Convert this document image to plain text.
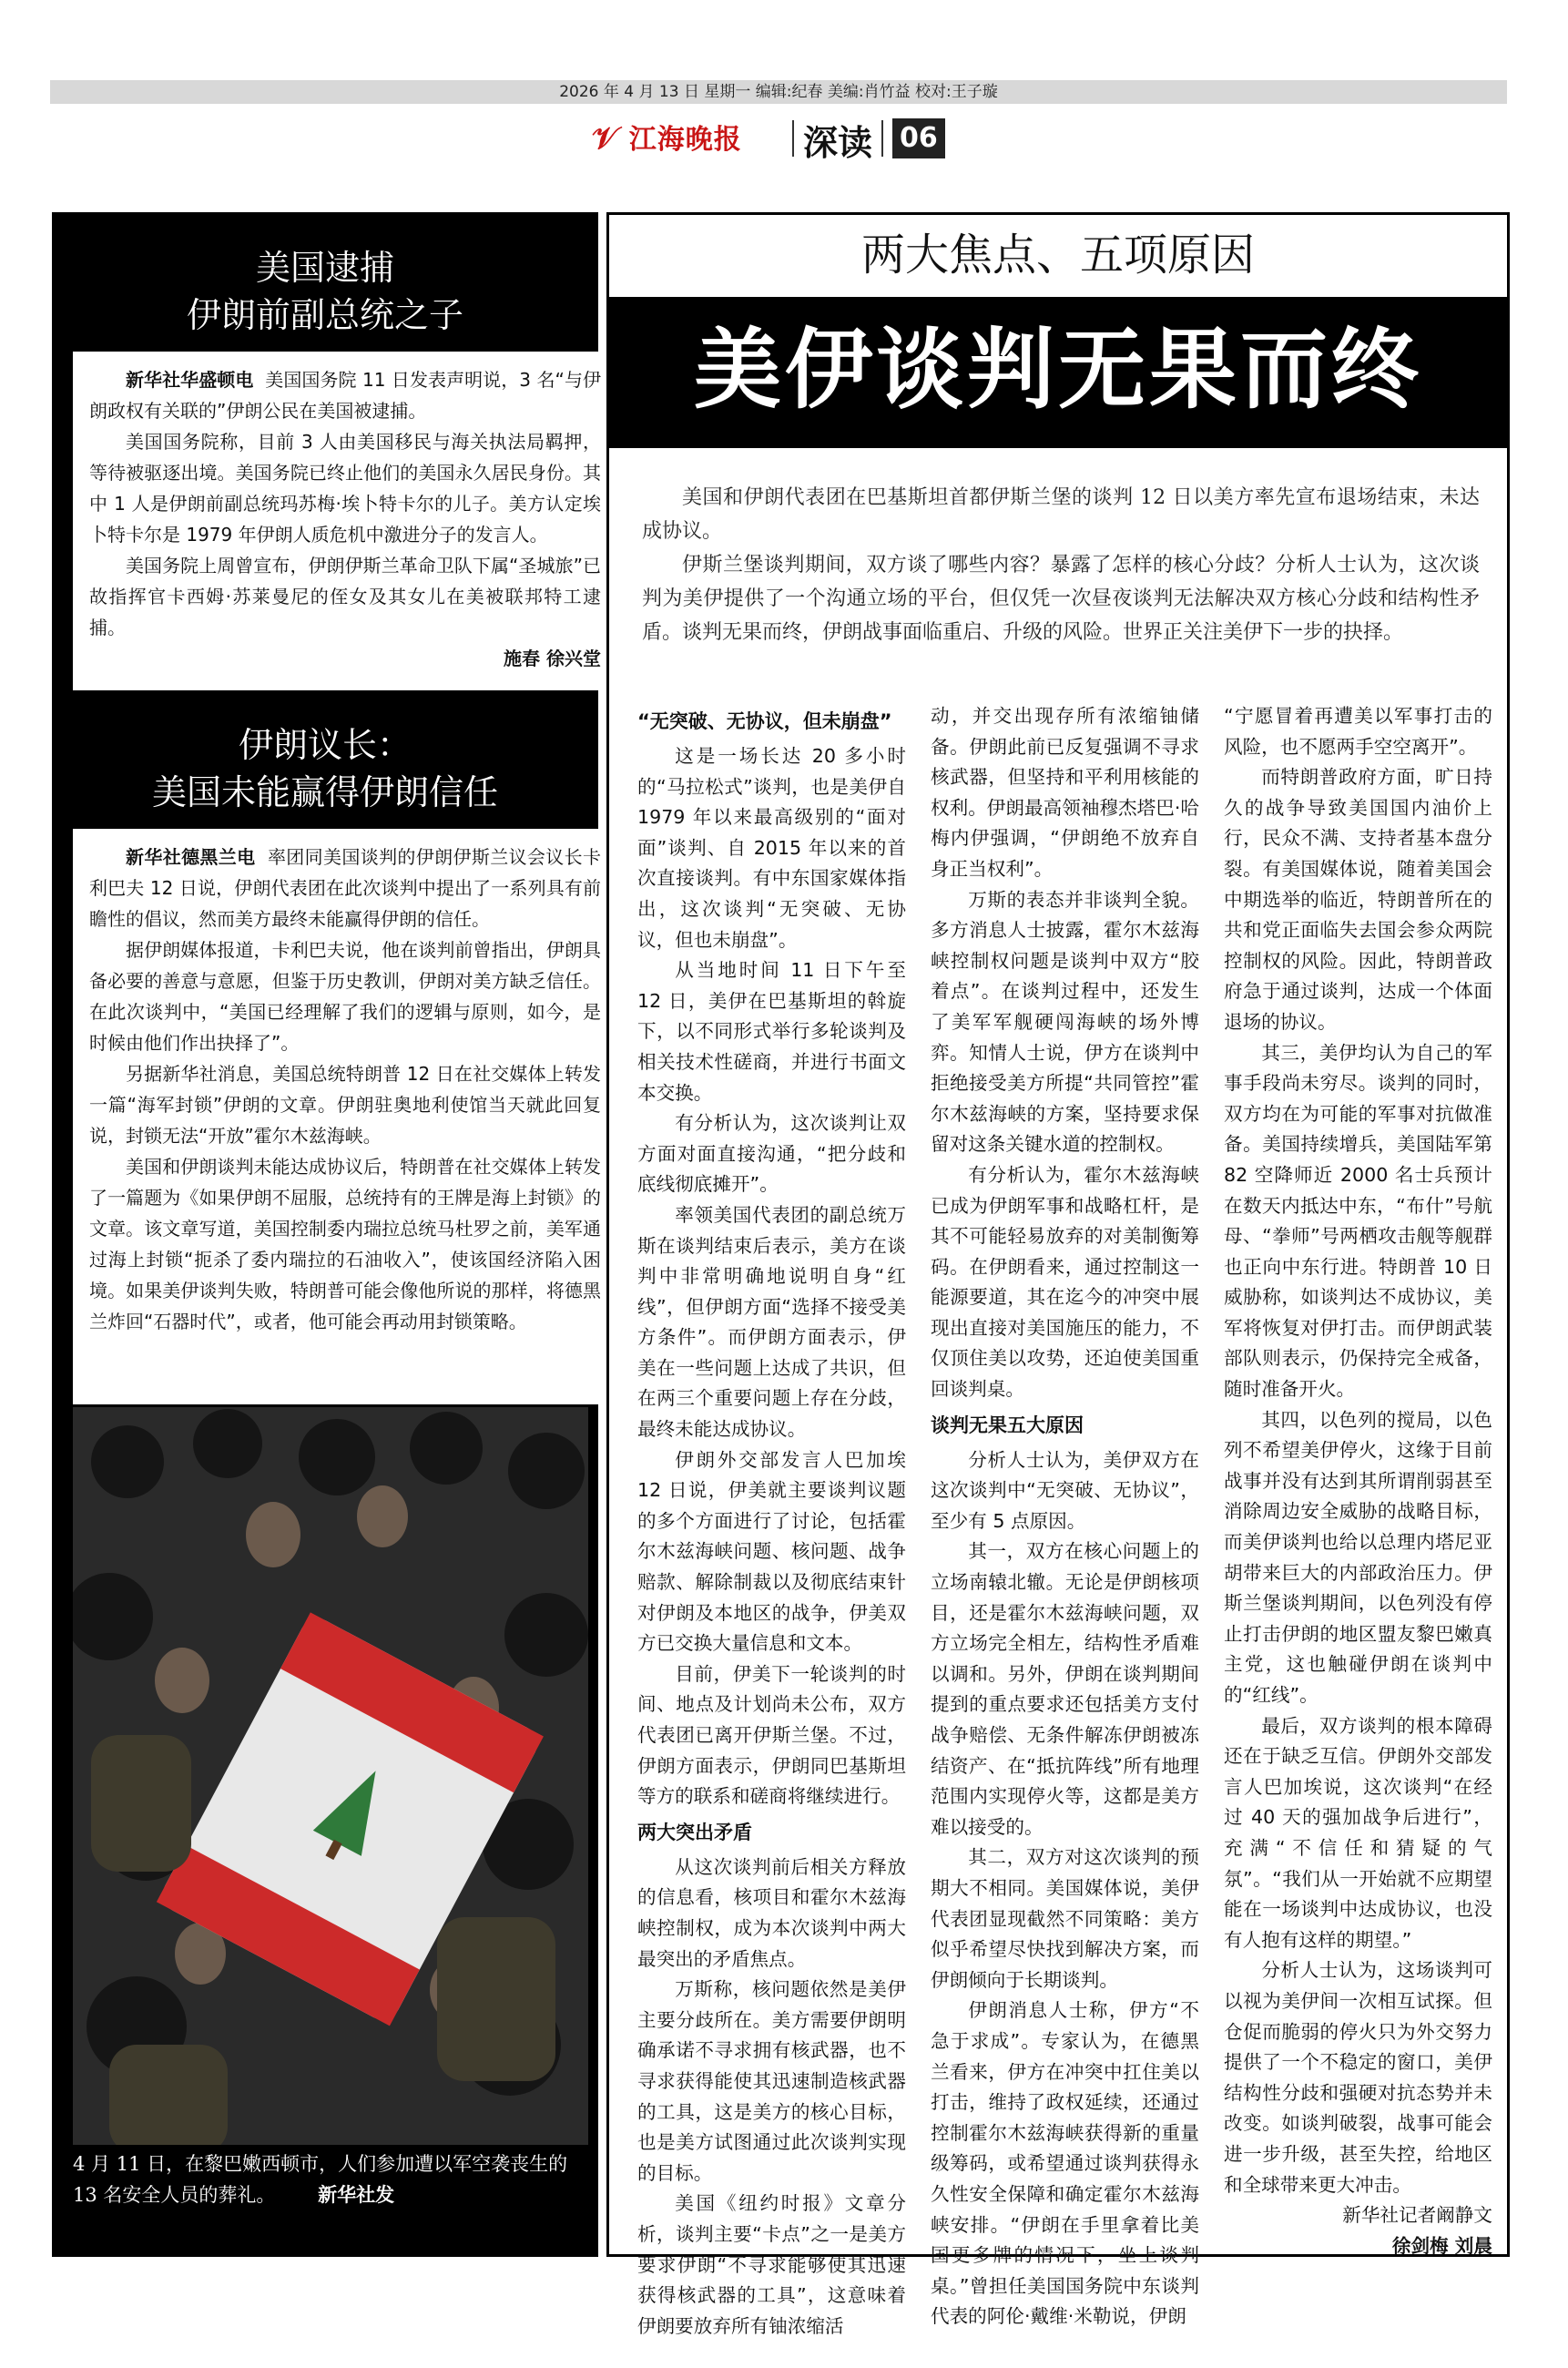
2026 年 4 月 13 日 星期一 编辑:纪春 美编:肖竹益 校对:王子璇
𝒱 江海晚报 深读 06
美国逮捕
伊朗前副总统之子

新华社华盛顿电 美国国务院 11 日发表声明说，3 名“与伊朗政权有关联的”伊朗公民在美国被逮捕。

美国国务院称，目前 3 人由美国移民与海关执法局羁押，等待被驱逐出境。美国务院已终止他们的美国永久居民身份。其中 1 人是伊朗前副总统玛苏梅·埃卜特卡尔的儿子。美方认定埃卜特卡尔是 1979 年伊朗人质危机中激进分子的发言人。

美国务院上周曾宣布，伊朗伊斯兰革命卫队下属“圣城旅”已故指挥官卡西姆·苏莱曼尼的侄女及其女儿在美被联邦特工逮捕。

施春 徐兴堂

伊朗议长：
美国未能赢得伊朗信任

新华社德黑兰电 率团同美国谈判的伊朗伊斯兰议会议长卡利巴夫 12 日说，伊朗代表团在此次谈判中提出了一系列具有前瞻性的倡议，然而美方最终未能赢得伊朗的信任。

据伊朗媒体报道，卡利巴夫说，他在谈判前曾指出，伊朗具备必要的善意与意愿，但鉴于历史教训，伊朗对美方缺乏信任。在此次谈判中，“美国已经理解了我们的逻辑与原则，如今，是时候由他们作出抉择了”。

另据新华社消息，美国总统特朗普 12 日在社交媒体上转发一篇“海军封锁”伊朗的文章。伊朗驻奥地利使馆当天就此回复说，封锁无法“开放”霍尔木兹海峡。

美国和伊朗谈判未能达成协议后，特朗普在社交媒体上转发了一篇题为《如果伊朗不屈服，总统持有的王牌是海上封锁》的文章。该文章写道，美国控制委内瑞拉总统马杜罗之前，美军通过海上封锁“扼杀了委内瑞拉的石油收入”，使该国经济陷入困境。如果美伊谈判失败，特朗普可能会像他所说的那样，将德黑兰炸回“石器时代”，或者，他可能会再动用封锁策略。

4 月 11 日，在黎巴嫩西顿市，人们参加遭以军空袭丧生的 13 名安全人员的葬礼。 新华社发
两大焦点、五项原因
美伊谈判无果而终

美国和伊朗代表团在巴基斯坦首都伊斯兰堡的谈判 12 日以美方率先宣布退场结束，未达成协议。

伊斯兰堡谈判期间，双方谈了哪些内容？暴露了怎样的核心分歧？分析人士认为，这次谈判为美伊提供了一个沟通立场的平台，但仅凭一次昼夜谈判无法解决双方核心分歧和结构性矛盾。谈判无果而终，伊朗战事面临重启、升级的风险。世界正关注美伊下一步的抉择。

“无突破、无协议，但未崩盘”

这是一场长达 20 多小时的“马拉松式”谈判，也是美伊自 1979 年以来最高级别的“面对面”谈判、自 2015 年以来的首次直接谈判。有中东国家媒体指出，这次谈判“无突破、无协议，但也未崩盘”。

从当地时间 11 日下午至 12 日，美伊在巴基斯坦的斡旋下，以不同形式举行多轮谈判及相关技术性磋商，并进行书面文本交换。

有分析认为，这次谈判让双方面对面直接沟通，“把分歧和底线彻底摊开”。

率领美国代表团的副总统万斯在谈判结束后表示，美方在谈判中非常明确地说明自身“红线”，但伊朗方面“选择不接受美方条件”。而伊朗方面表示，伊美在一些问题上达成了共识，但在两三个重要问题上存在分歧，最终未能达成协议。

伊朗外交部发言人巴加埃 12 日说，伊美就主要谈判议题的多个方面进行了讨论，包括霍尔木兹海峡问题、核问题、战争赔款、解除制裁以及彻底结束针对伊朗及本地区的战争，伊美双方已交换大量信息和文本。

目前，伊美下一轮谈判的时间、地点及计划尚未公布，双方代表团已离开伊斯兰堡。不过，伊朗方面表示，伊朗同巴基斯坦等方的联系和磋商将继续进行。

两大突出矛盾

从这次谈判前后相关方释放的信息看，核项目和霍尔木兹海峡控制权，成为本次谈判中两大最突出的矛盾焦点。

万斯称，核问题依然是美伊主要分歧所在。美方需要伊朗明确承诺不寻求拥有核武器，也不寻求获得能使其迅速制造核武器的工具，这是美方的核心目标，也是美方试图通过此次谈判实现的目标。

美国《纽约时报》文章分析，谈判主要“卡点”之一是美方要求伊朗“不寻求能够使其迅速获得核武器的工具”，这意味着伊朗要放弃所有铀浓缩活

动，并交出现存所有浓缩铀储备。伊朗此前已反复强调不寻求核武器，但坚持和平利用核能的权利。伊朗最高领袖穆杰塔巴·哈梅内伊强调，“伊朗绝不放弃自身正当权利”。

万斯的表态并非谈判全貌。多方消息人士披露，霍尔木兹海峡控制权问题是谈判中双方“胶着点”。在谈判过程中，还发生了美军军舰硬闯海峡的场外博弈。知情人士说，伊方在谈判中拒绝接受美方所提“共同管控”霍尔木兹海峡的方案，坚持要求保留对这条关键水道的控制权。

有分析认为，霍尔木兹海峡已成为伊朗军事和战略杠杆，是其不可能轻易放弃的对美制衡筹码。在伊朗看来，通过控制这一能源要道，其在迄今的冲突中展现出直接对美国施压的能力，不仅顶住美以攻势，还迫使美国重回谈判桌。

谈判无果五大原因

分析人士认为，美伊双方在这次谈判中“无突破、无协议”，至少有 5 点原因。

其一，双方在核心问题上的立场南辕北辙。无论是伊朗核项目，还是霍尔木兹海峡问题，双方立场完全相左，结构性矛盾难以调和。另外，伊朗在谈判期间提到的重点要求还包括美方支付战争赔偿、无条件解冻伊朗被冻结资产、在“抵抗阵线”所有地理范围内实现停火等，这都是美方难以接受的。

其二，双方对这次谈判的预期大不相同。美国媒体说，美伊代表团显现截然不同策略：美方似乎希望尽快找到解决方案，而伊朗倾向于长期谈判。

伊朗消息人士称，伊方“不急于求成”。专家认为，在德黑兰看来，伊方在冲突中扛住美以打击，维持了政权延续，还通过控制霍尔木兹海峡获得新的重量级筹码，或希望通过谈判获得永久性安全保障和确定霍尔木兹海峡安排。“伊朗在手里拿着比美国更多牌的情况下，坐上谈判桌。”曾担任美国国务院中东谈判代表的阿伦·戴维·米勒说，伊朗

“宁愿冒着再遭美以军事打击的风险，也不愿两手空空离开”。

而特朗普政府方面，旷日持久的战争导致美国国内油价上行，民众不满、支持者基本盘分裂。有美国媒体说，随着美国会中期选举的临近，特朗普所在的共和党正面临失去国会参众两院控制权的风险。因此，特朗普政府急于通过谈判，达成一个体面退场的协议。

其三，美伊均认为自己的军事手段尚未穷尽。谈判的同时，双方均在为可能的军事对抗做准备。美国持续增兵，美国陆军第 82 空降师近 2000 名士兵预计在数天内抵达中东，“布什”号航母、“拳师”号两栖攻击舰等舰群也正向中东行进。特朗普 10 日威胁称，如谈判达不成协议，美军将恢复对伊打击。而伊朗武装部队则表示，仍保持完全戒备，随时准备开火。

其四，以色列的搅局，以色列不希望美伊停火，这缘于目前战事并没有达到其所谓削弱甚至消除周边安全威胁的战略目标，而美伊谈判也给以总理内塔尼亚胡带来巨大的内部政治压力。伊斯兰堡谈判期间，以色列没有停止打击伊朗的地区盟友黎巴嫩真主党，这也触碰伊朗在谈判中的“红线”。

最后，双方谈判的根本障碍还在于缺乏互信。伊朗外交部发言人巴加埃说，这次谈判“在经过 40 天的强加战争后进行”，充满“不信任和猜疑的气氛”。“我们从一开始就不应期望能在一场谈判中达成协议，也没有人抱有这样的期望。”

分析人士认为，这场谈判可以视为美伊间一次相互试探。但仓促而脆弱的停火只为外交努力提供了一个不稳定的窗口，美伊结构性分歧和强硬对抗态势并未改变。如谈判破裂，战事可能会进一步升级，甚至失控，给地区和全球带来更大冲击。

新华社记者阚静文

徐剑梅 刘晨
